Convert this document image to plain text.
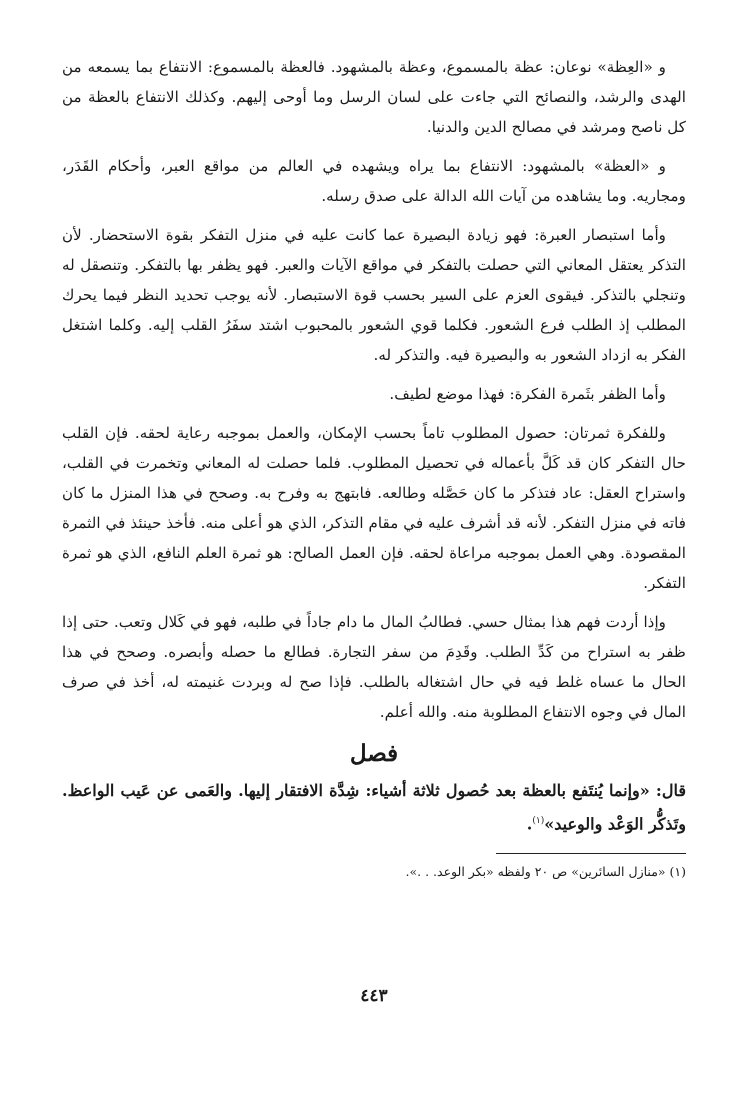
و «العِظة» نوعان: عظة بالمسموع، وعظة بالمشهود. فالعظة بالمسموع: الانتفاع بما يسمعه من الهدى والرشد، والنصائح التي جاءت على لسان الرسل وما أوحى إليهم. وكذلك الانتفاع بالعظة من كل ناصح ومرشد في مصالح الدين والدنيا.

و «العظة» بالمشهود: الانتفاع بما يراه ويشهده في العالم من مواقع العبر، وأحكام القَدَر، ومجاريه. وما يشاهده من آيات الله الدالة على صدق رسله.

وأما استبصار العبرة: فهو زيادة البصيرة عما كانت عليه في منزل التفكر بقوة الاستحضار. لأن التذكر يعتقل المعاني التي حصلت بالتفكر في مواقع الآيات والعبر. فهو يظفر بها بالتفكر. وتنصقل له وتنجلي بالتذكر. فيقوى العزم على السير بحسب قوة الاستبصار. لأنه يوجب تحديد النظر فيما يحرك المطلب إذ الطلب فرع الشعور. فكلما قوي الشعور بالمحبوب اشتد سفَرُ القلب إليه. وكلما اشتغل الفكر به ازداد الشعور به والبصيرة فيه. والتذكر له.

وأما الظفر بثَمرة الفكرة: فهذا موضع لطيف.

وللفكرة ثمرتان: حصول المطلوب تاماً بحسب الإمكان، والعمل بموجبه رعاية لحقه. فإن القلب حال التفكر كان قد كَلَّ بأعماله في تحصيل المطلوب. فلما حصلت له المعاني وتخمرت في القلب، واستراح العقل: عاد فتذكر ما كان حَصَّله وطالعه. فابتهج به وفرح به. وصحح في هذا المنزل ما كان فاته في منزل التفكر. لأنه قد أشرف عليه في مقام التذكر، الذي هو أعلى منه. فأخذ حينئذ في الثمرة المقصودة. وهي العمل بموجبه مراعاة لحقه. فإن العمل الصالح: هو ثمرة العلم النافع، الذي هو ثمرة التفكر.

وإذا أردت فهم هذا بمثال حسي. فطالبُ المال ما دام جاداً في طلبه، فهو في كَلال وتعب. حتى إذا ظفر به استراح من كَدِّ الطلب. وقَدِمَ من سفر التجارة. فطالع ما حصله وأبصره. وصحح في هذا الحال ما عساه غلط فيه في حال اشتغاله بالطلب. فإذا صح له وبردت غنيمته له، أخذ في صرف المال في وجوه الانتفاع المطلوبة منه. والله أعلم.

فصل

قال: «وإنما يُنتَفع بالعظة بعد حُصول ثلاثة أشياء: شِدَّة الافتقار إليها. والعَمى عن عَيب الواعظ. وتَذكُّر الوَعْد والوعيد»$^{(١)}$.

(١) «منازل السائرين» ص ٢٠ ولفظه «بكر الوعد. . .».

٤٤٣
